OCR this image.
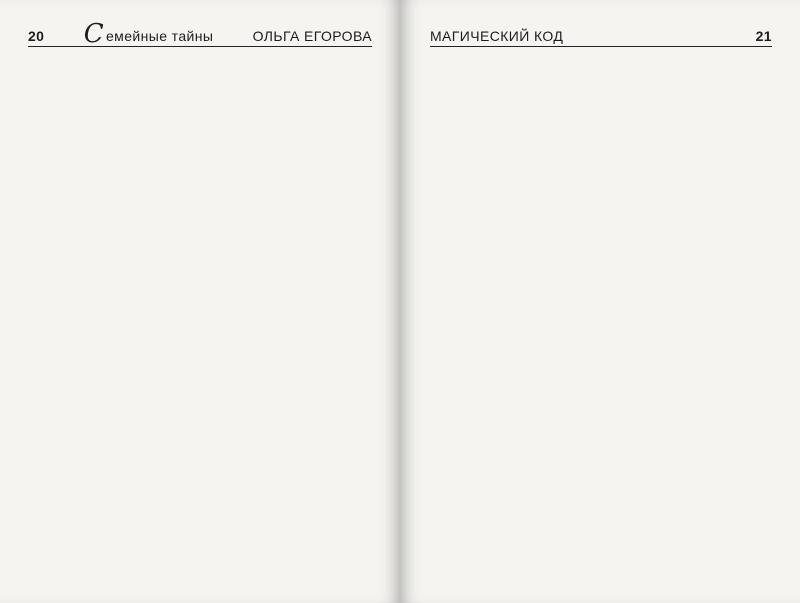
20 С емейные тайны	ОЛЬГА ЕГОРОВА	МАГИЧЕСКИЙ КОД	21
